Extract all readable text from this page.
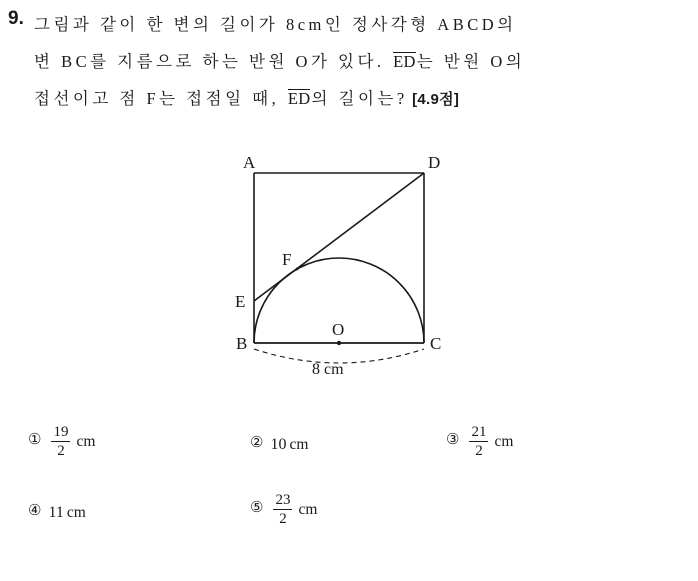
9. 그림과 같이 한 변의 길이가 8cm인 정사각형 ABCD의
변 BC를 지름으로 하는 반원 O가 있다. ED는 반원 O의
접선이고 점 F는 접점일 때, ED의 길이는? [4.9점]
A	D
B	C
E
F
O
8 cm
① $\frac{19}{2}$ cm	② 10 cm	③ $\frac{21}{2}$ cm
④ 11 cm	⑤ $\frac{23}{2}$ cm
